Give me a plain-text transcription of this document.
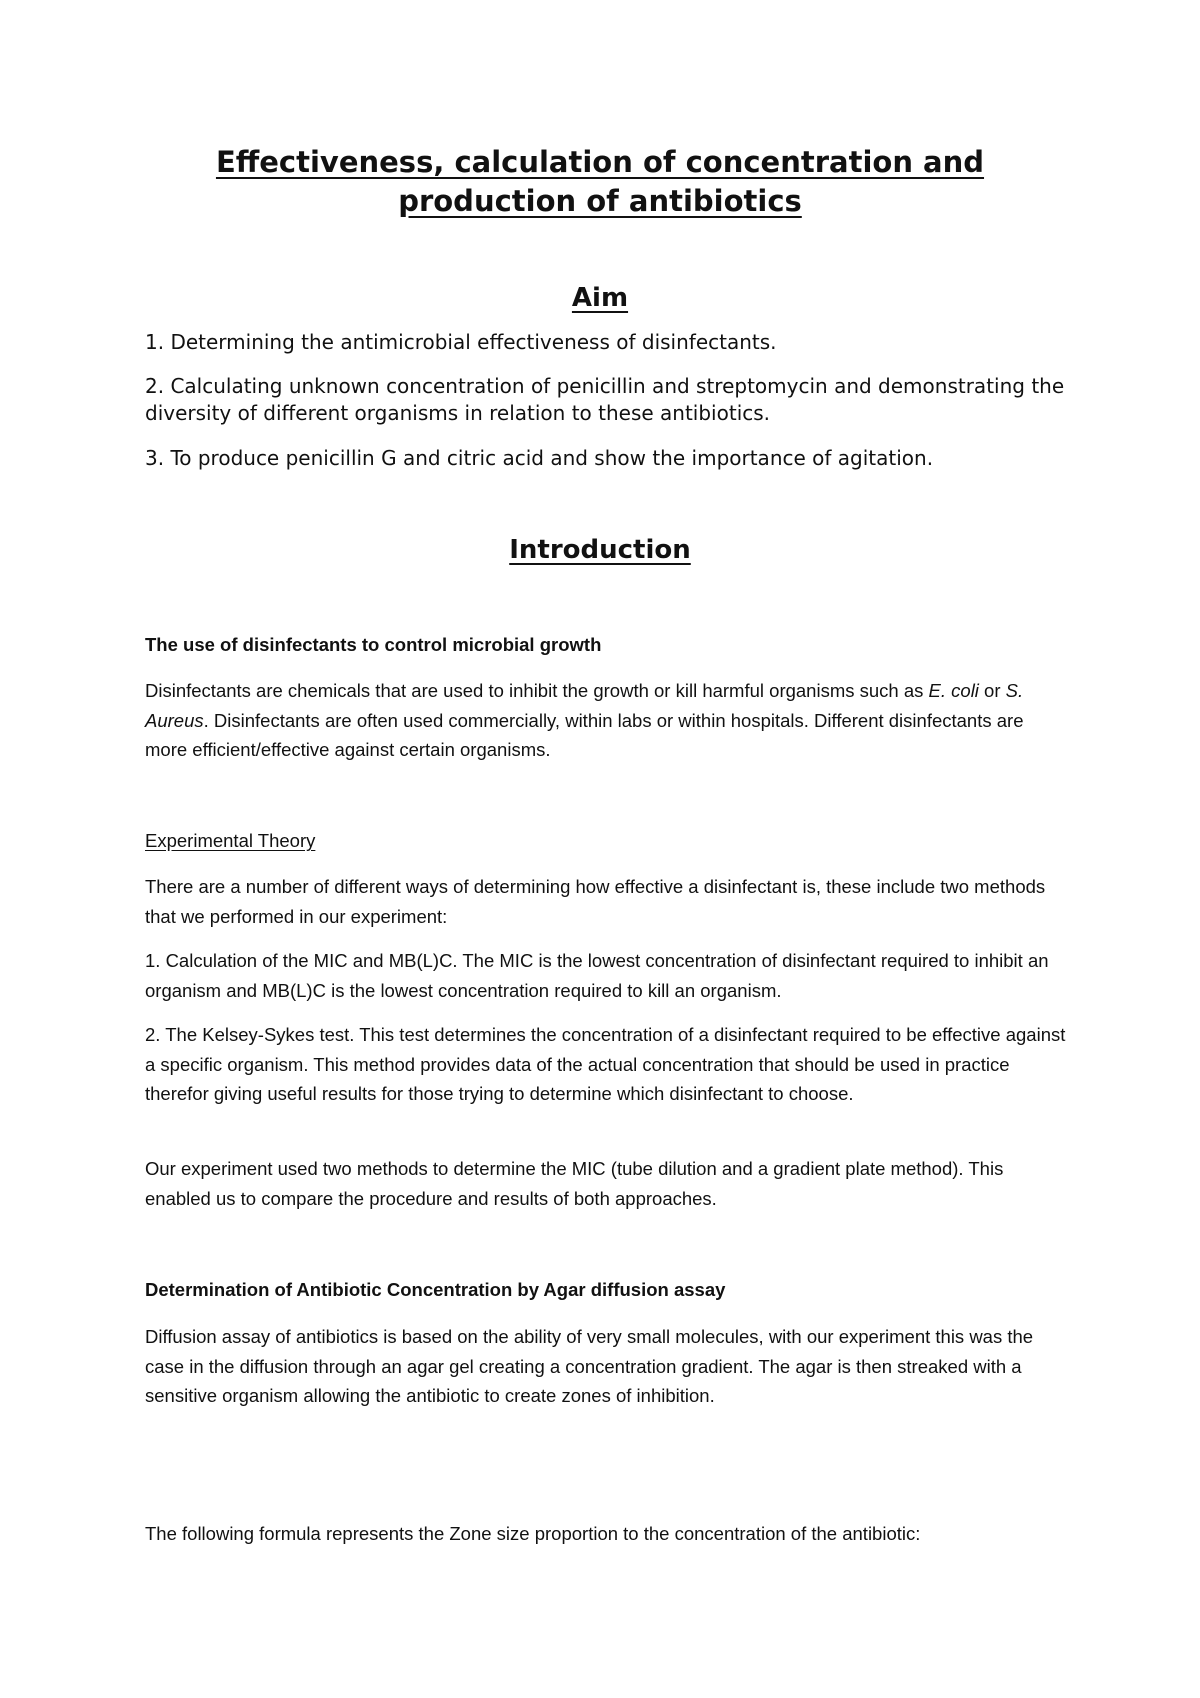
Effectiveness, calculation of concentration and
production of antibiotics
Aim

1. Determining the antimicrobial effectiveness of disinfectants.

2. Calculating unknown concentration of penicillin and streptomycin and demonstrating the diversity of different organisms in relation to these antibiotics.

3. To produce penicillin G and citric acid and show the importance of agitation.

Introduction
The use of disinfectants to control microbial growth

Disinfectants are chemicals that are used to inhibit the growth or kill harmful organisms such as E. coli or S. Aureus. Disinfectants are often used commercially, within labs or within hospitals. Different disinfectants are more efficient/effective against certain organisms.

Experimental Theory

There are a number of different ways of determining how effective a disinfectant is, these include two methods that we performed in our experiment:

1. Calculation of the MIC and MB(L)C. The MIC is the lowest concentration of disinfectant required to inhibit an organism and MB(L)C is the lowest concentration required to kill an organism.

2. The Kelsey-Sykes test. This test determines the concentration of a disinfectant required to be effective against a specific organism. This method provides data of the actual concentration that should be used in practice therefor giving useful results for those trying to determine which disinfectant to choose.

Our experiment used two methods to determine the MIC (tube dilution and a gradient plate method). This enabled us to compare the procedure and results of both approaches.

Determination of Antibiotic Concentration by Agar diffusion assay

Diffusion assay of antibiotics is based on the ability of very small molecules, with our experiment this was the case in the diffusion through an agar gel creating a concentration gradient. The agar is then streaked with a sensitive organism allowing the antibiotic to create zones of inhibition.

The following formula represents the Zone size proportion to the concentration of the antibiotic:
